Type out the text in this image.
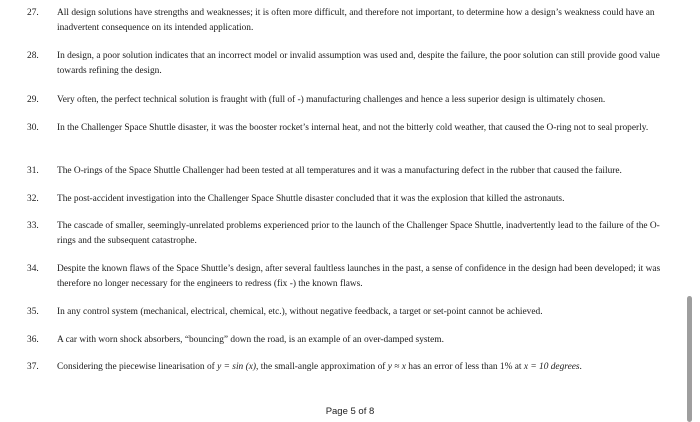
27.	All design solutions have strengths and weaknesses; it is often more difficult, and therefore not important, to determine how a design’s weakness could have an inadvertent consequence on its intended application.
28.	In design, a poor solution indicates that an incorrect model or invalid assumption was used and, despite the failure, the poor solution can still provide good value towards refining the design.
29.	Very often, the perfect technical solution is fraught with (full of -) manufacturing challenges and hence a less superior design is ultimately chosen.
30.	In the Challenger Space Shuttle disaster, it was the booster rocket’s internal heat, and not the bitterly cold weather, that caused the O-ring not to seal properly.
31.	The O-rings of the Space Shuttle Challenger had been tested at all temperatures and it was a manufacturing defect in the rubber that caused the failure.
32.	The post-accident investigation into the Challenger Space Shuttle disaster concluded that it was the explosion that killed the astronauts.
33.	The cascade of smaller, seemingly-unrelated problems experienced prior to the launch of the Challenger Space Shuttle, inadvertently lead to the failure of the O-rings and the subsequent catastrophe.
34.	Despite the known flaws of the Space Shuttle’s design, after several faultless launches in the past, a sense of confidence in the design had been developed; it was therefore no longer necessary for the engineers to redress (fix -) the known flaws.
35.	In any control system (mechanical, electrical, chemical, etc.), without negative feedback, a target or set-point cannot be achieved.
36.	A car with worn shock absorbers, “bouncing” down the road, is an example of an over-damped system.
37.	Considering the piecewise linearisation of y = sin (x), the small-angle approximation of y ≈ x has an error of less than 1% at x = 10 degrees.
Page 5 of 8
